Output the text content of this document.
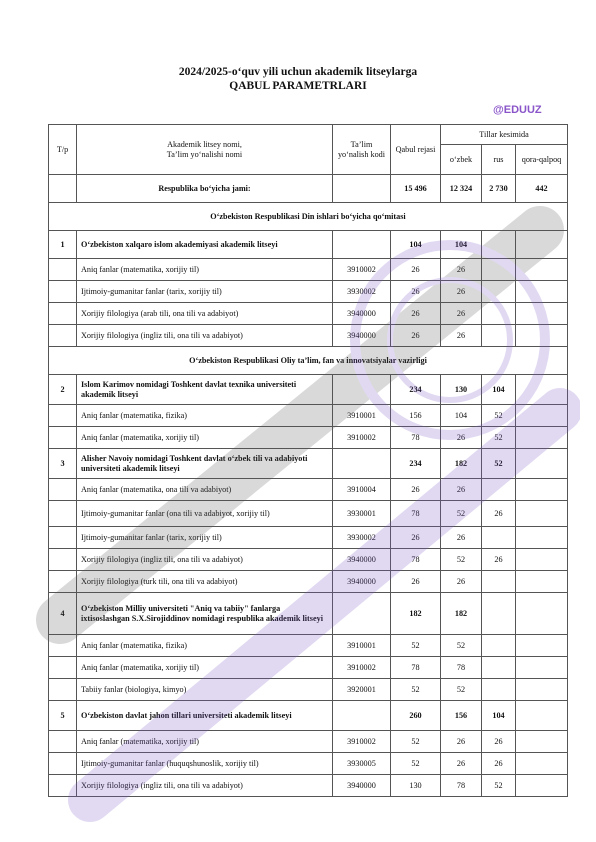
2024/2025-o‘quv yili uchun akademik litseylarga
QABUL PARAMETRLARI
@EDUUZ
T/p	Akademik litsey nomi,
Ta’lim yo‘nalishi nomi	Ta’lim yo‘nalish kodi	Qabul rejasi	Tillar kesimida		
				o‘zbek	rus	qora-qalpoq
	Respublika bo‘yicha jami:		15 496	12 324	2 730	442
O‘zbekiston Respublikasi Din ishlari bo‘yicha qo‘mitasi						
1	O‘zbekiston xalqaro islom akademiyasi akademik litseyi		104	104		
	Aniq fanlar (matematika, xorijiy til)	3910002	26	26		
	Ijtimoiy-gumanitar fanlar (tarix, xorijiy til)	3930002	26	26		
	Xorijiy filologiya (arab tili, ona tili va adabiyot)	3940000	26	26		
	Xorijiy filologiya (ingliz tili, ona tili va adabiyot)	3940000	26	26		
O‘zbekiston Respublikasi Oliy ta’lim, fan va innovatsiyalar vazirligi						
2	Islom Karimov nomidagi Toshkent davlat texnika universiteti akademik litseyi		234	130	104	
	Aniq fanlar (matematika, fizika)	3910001	156	104	52	
	Aniq fanlar (matematika, xorijiy til)	3910002	78	26	52	
3	Alisher Navoiy nomidagi Toshkent davlat o‘zbek tili va adabiyoti universiteti akademik litseyi		234	182	52	
	Aniq fanlar (matematika, ona tili va adabiyot)	3910004	26	26		
	Ijtimoiy-gumanitar fanlar (ona tili va adabiyot, xorijiy til)	3930001	78	52	26	
	Ijtimoiy-gumanitar fanlar (tarix, xorijiy til)	3930002	26	26		
	Xorijiy filologiya (ingliz tili, ona tili va adabiyot)	3940000	78	52	26	
	Xorijiy filologiya (turk tili, ona tili va adabiyot)	3940000	26	26		
4	O‘zbekiston Milliy universiteti "Aniq va tabiiy" fanlarga ixtisoslashgan S.X.Sirojiddinov nomidagi respublika akademik litseyi		182	182		
	Aniq fanlar (matematika, fizika)	3910001	52	52		
	Aniq fanlar (matematika, xorijiy til)	3910002	78	78		
	Tabiiy fanlar (biologiya, kimyo)	3920001	52	52		
5	O‘zbekiston davlat jahon tillari universiteti akademik litseyi		260	156	104	
	Aniq fanlar (matematika, xorijiy til)	3910002	52	26	26	
	Ijtimoiy-gumanitar fanlar (huquqshunoslik, xorijiy til)	3930005	52	26	26	
	Xorijiy filologiya (ingliz tili, ona tili va adabiyot)	3940000	130	78	52	
